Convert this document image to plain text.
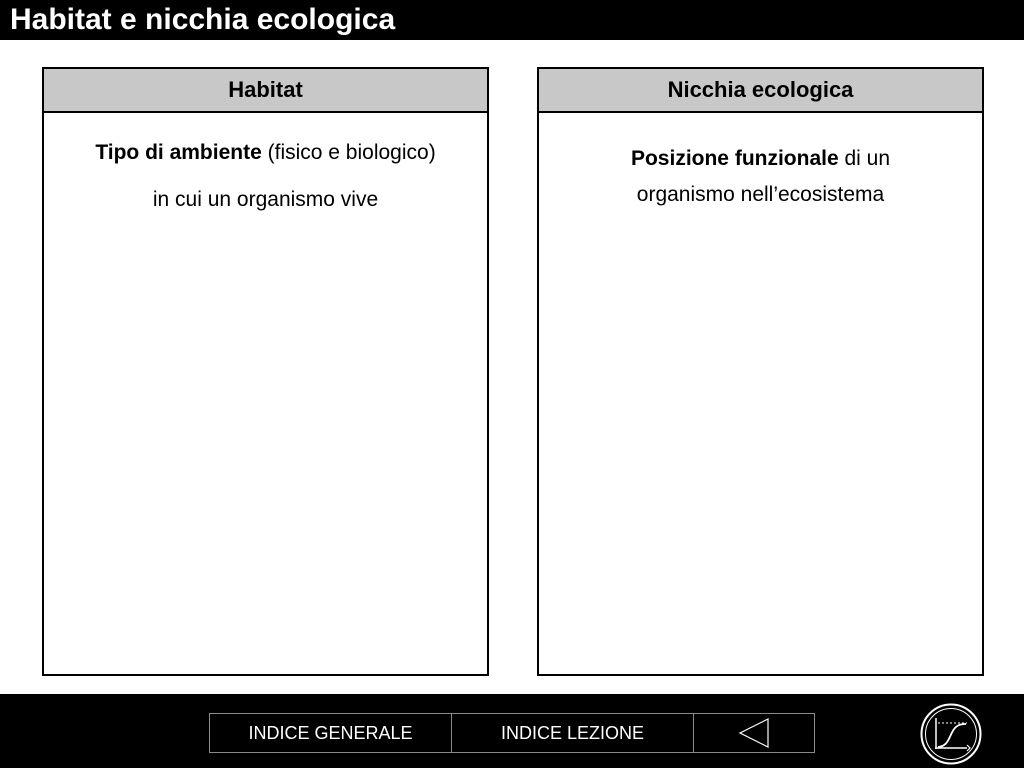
Habitat e nicchia ecologica
Habitat
Tipo di ambiente (fisico e biologico)
in cui un organismo vive
Nicchia ecologica
Posizione funzionale di un
organismo nell’ecosistema
INDICE GENERALE	INDICE LEZIONE
